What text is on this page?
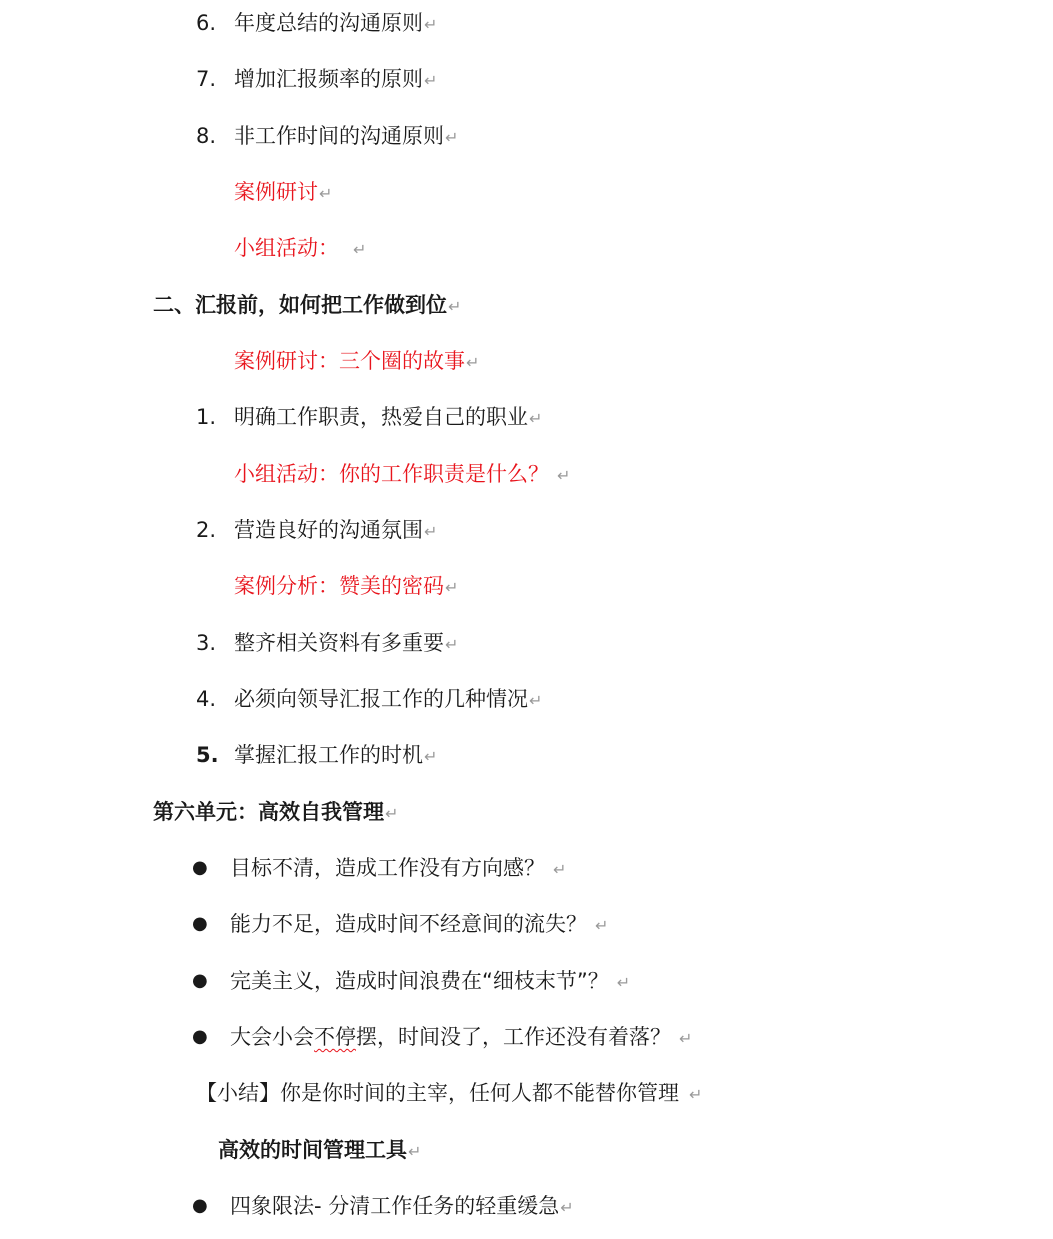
6. 年度总结的沟通原则↵
7. 增加汇报频率的原则↵
8. 非工作时间的沟通原则↵
案例研讨↵
小组活动： ↵
二、汇报前，如何把工作做到位↵
案例研讨：三个圈的故事↵
1. 明确工作职责，热爱自己的职业↵
小组活动：你的工作职责是什么？ ↵
2. 营造良好的沟通氛围↵
案例分析：赞美的密码↵
3. 整齐相关资料有多重要↵
4. 必须向领导汇报工作的几种情况↵
5. 掌握汇报工作的时机↵
第六单元：高效自我管理↵
● 目标不清，造成工作没有方向感？ ↵
● 能力不足，造成时间不经意间的流失？ ↵
● 完美主义，造成时间浪费在“细枝末节”？ ↵
● 大会小会不停摆，时间没了，工作还没有着落？ ↵
【小结】你是你时间的主宰，任何人都不能替你管理 ↵
高效的时间管理工具↵
● 四象限法- 分清工作任务的轻重缓急↵
